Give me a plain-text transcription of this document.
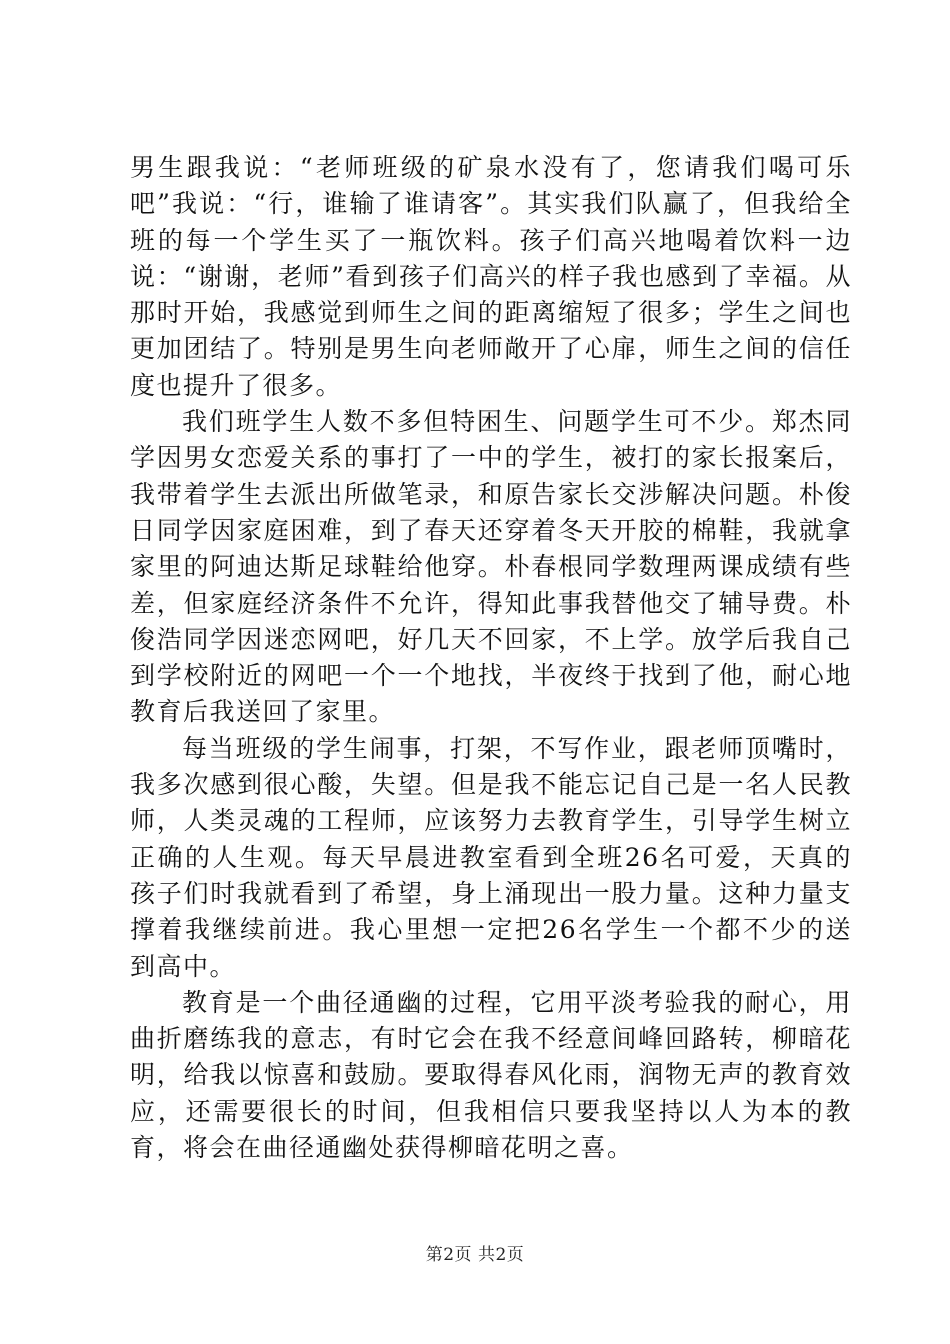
男生跟我说：“老师班级的矿泉水没有了，您请我们喝可乐吧”我说：“行，谁输了谁请客”。其实我们队赢了，但我给全班的每一个学生买了一瓶饮料。孩子们高兴地喝着饮料一边说：“谢谢，老师”看到孩子们高兴的样子我也感到了幸福。从那时开始，我感觉到师生之间的距离缩短了很多；学生之间也更加团结了。特别是男生向老师敞开了心扉，师生之间的信任度也提升了很多。

我们班学生人数不多但特困生、问题学生可不少。郑杰同学因男女恋爱关系的事打了一中的学生，被打的家长报案后，我带着学生去派出所做笔录，和原告家长交涉解决问题。朴俊日同学因家庭困难，到了春天还穿着冬天开胶的棉鞋，我就拿家里的阿迪达斯足球鞋给他穿。朴春根同学数理两课成绩有些差，但家庭经济条件不允许，得知此事我替他交了辅导费。朴俊浩同学因迷恋网吧，好几天不回家，不上学。放学后我自己到学校附近的网吧一个一个地找，半夜终于找到了他，耐心地教育后我送回了家里。

每当班级的学生闹事，打架，不写作业，跟老师顶嘴时，我多次感到很心酸，失望。但是我不能忘记自己是一名人民教师，人类灵魂的工程师，应该努力去教育学生，引导学生树立正确的人生观。每天早晨进教室看到全班26名可爱，天真的孩子们时我就看到了希望，身上涌现出一股力量。这种力量支撑着我继续前进。我心里想一定把26名学生一个都不少的送到高中。

教育是一个曲径通幽的过程，它用平淡考验我的耐心，用曲折磨练我的意志，有时它会在我不经意间峰回路转，柳暗花明，给我以惊喜和鼓励。要取得春风化雨，润物无声的教育效应，还需要很长的时间，但我相信只要我坚持以人为本的教育，将会在曲径通幽处获得柳暗花明之喜。

第2页 共2页
